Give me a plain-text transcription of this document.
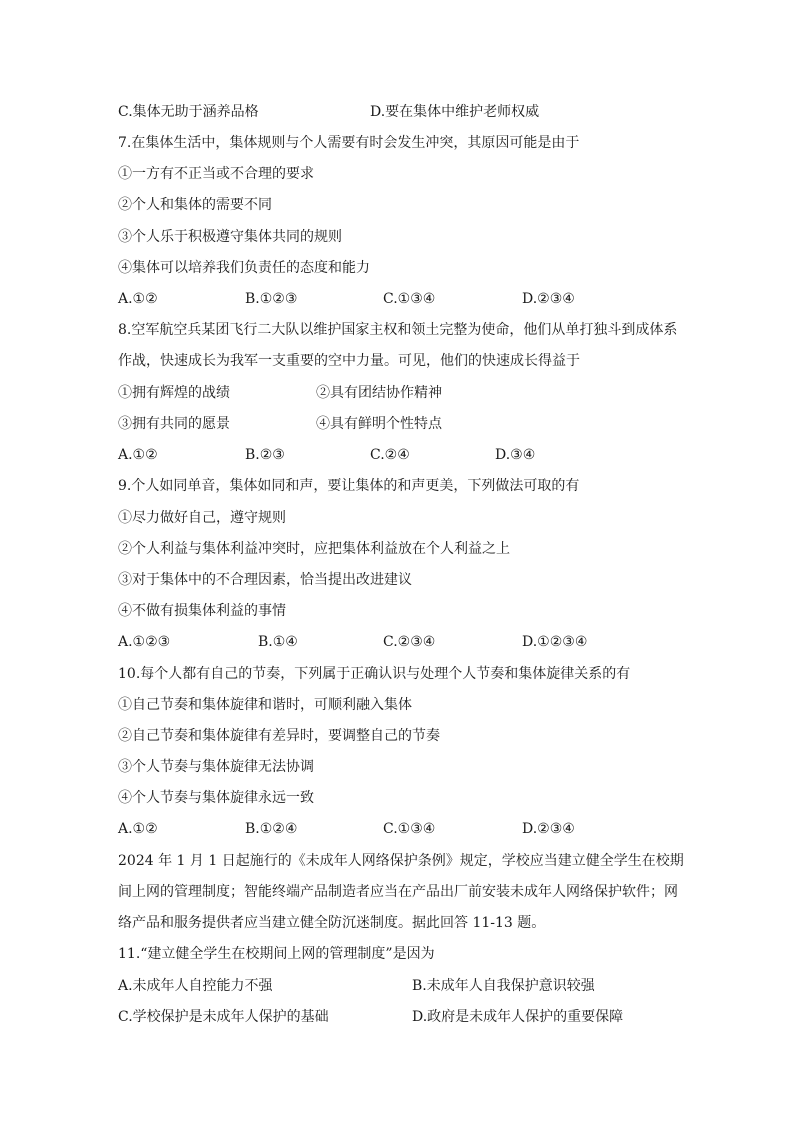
C.集体无助于涵养品格	D.要在集体中维护老师权威
7.在集体生活中，集体规则与个人需要有时会发生冲突，其原因可能是由于
①一方有不正当或不合理的要求
②个人和集体的需要不同
③个人乐于积极遵守集体共同的规则
④集体可以培养我们负责任的态度和能力
A.①②	B.①②③	C.①③④	D.②③④
8.空军航空兵某团飞行二大队以维护国家主权和领土完整为使命，他们从单打独斗到成体系
作战，快速成长为我军一支重要的空中力量。可见，他们的快速成长得益于
①拥有辉煌的战绩	②具有团结协作精神
③拥有共同的愿景	④具有鲜明个性特点
A.①②	B.②③	C.②④	D.③④
9.个人如同单音，集体如同和声，要让集体的和声更美，下列做法可取的有
①尽力做好自己，遵守规则
②个人利益与集体利益冲突时，应把集体利益放在个人利益之上
③对于集体中的不合理因素，恰当提出改进建议
④不做有损集体利益的事情
A.①②③	B.①④	C.②③④	D.①②③④
10.每个人都有自己的节奏，下列属于正确认识与处理个人节奏和集体旋律关系的有
①自己节奏和集体旋律和谐时，可顺利融入集体
②自己节奏和集体旋律有差异时，要调整自己的节奏
③个人节奏与集体旋律无法协调
④个人节奏与集体旋律永远一致
A.①②	B.①②④	C.①③④	D.②③④
2024 年 1 月 1 日起施行的《未成年人网络保护条例》规定，学校应当建立健全学生在校期
间上网的管理制度；智能终端产品制造者应当在产品出厂前安装未成年人网络保护软件；网
络产品和服务提供者应当建立健全防沉迷制度。据此回答 11-13 题。
11.“建立健全学生在校期间上网的管理制度”是因为
A.未成年人自控能力不强	B.未成年人自我保护意识较强
C.学校保护是未成年人保护的基础	D.政府是未成年人保护的重要保障
